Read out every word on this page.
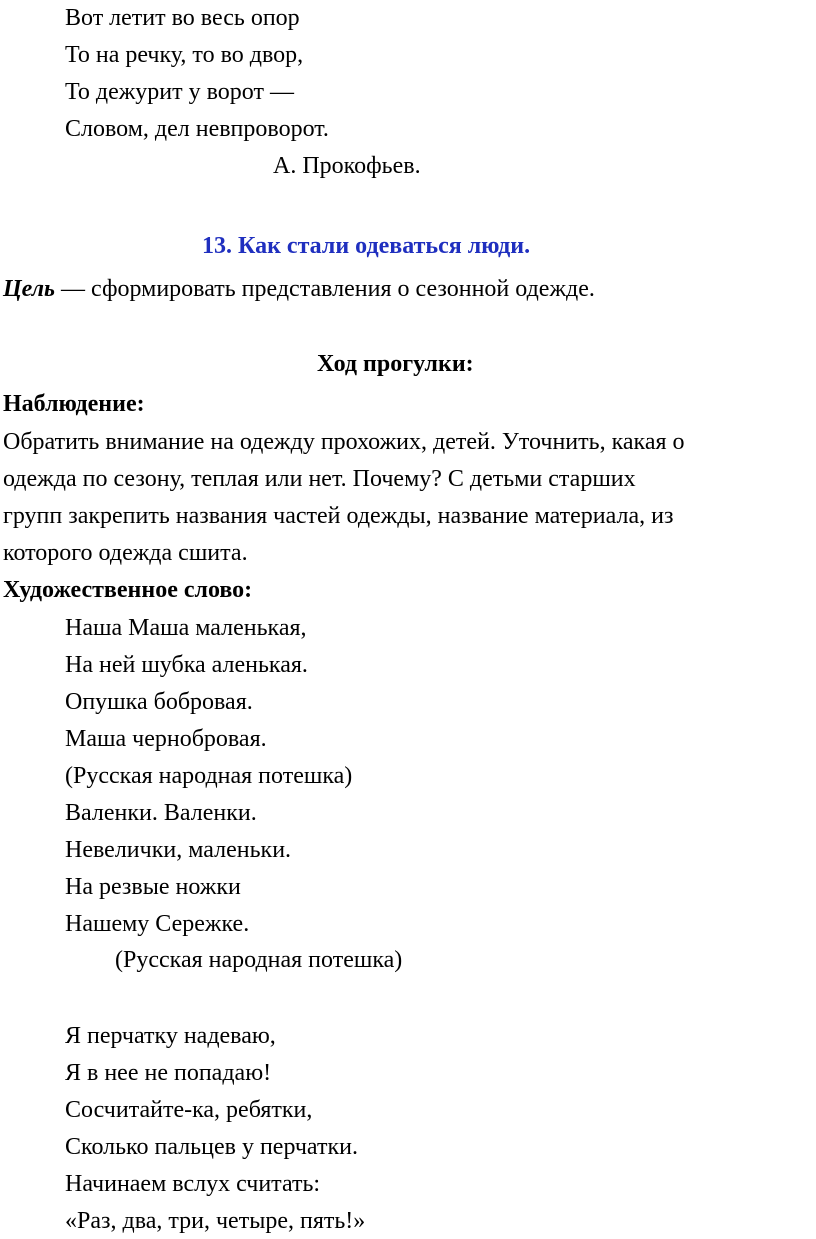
Вот летит во весь опор
То на речку, то во двор,
То дежурит у ворот —
Словом, дел невпроворот.
А. Прокофьев.
13. Как стали одеваться люди.
Цель — сформировать представления о сезонной одежде.
Ход прогулки:
Наблюдение:
Обратить внимание на одежду прохожих, детей. Уточнить, какая о
одежда по сезону, теплая или нет. Почему? С детьми старших
групп закрепить названия частей одежды, название материала, из
которого одежда сшита.
Художественное слово:
Наша Маша маленькая,
На ней шубка аленькая.
Опушка бобровая.
Маша чернобровая.
(Русская народная потешка)
Валенки. Валенки.
Невелички, маленьки.
На резвые ножки
Нашему Сережке.
(Русская народная потешка)
Я перчатку надеваю,
Я в нее не попадаю!
Сосчитайте-ка, ребятки,
Сколько пальцев у перчатки.
Начинаем вслух считать:
«Раз, два, три, четыре, пять!»
